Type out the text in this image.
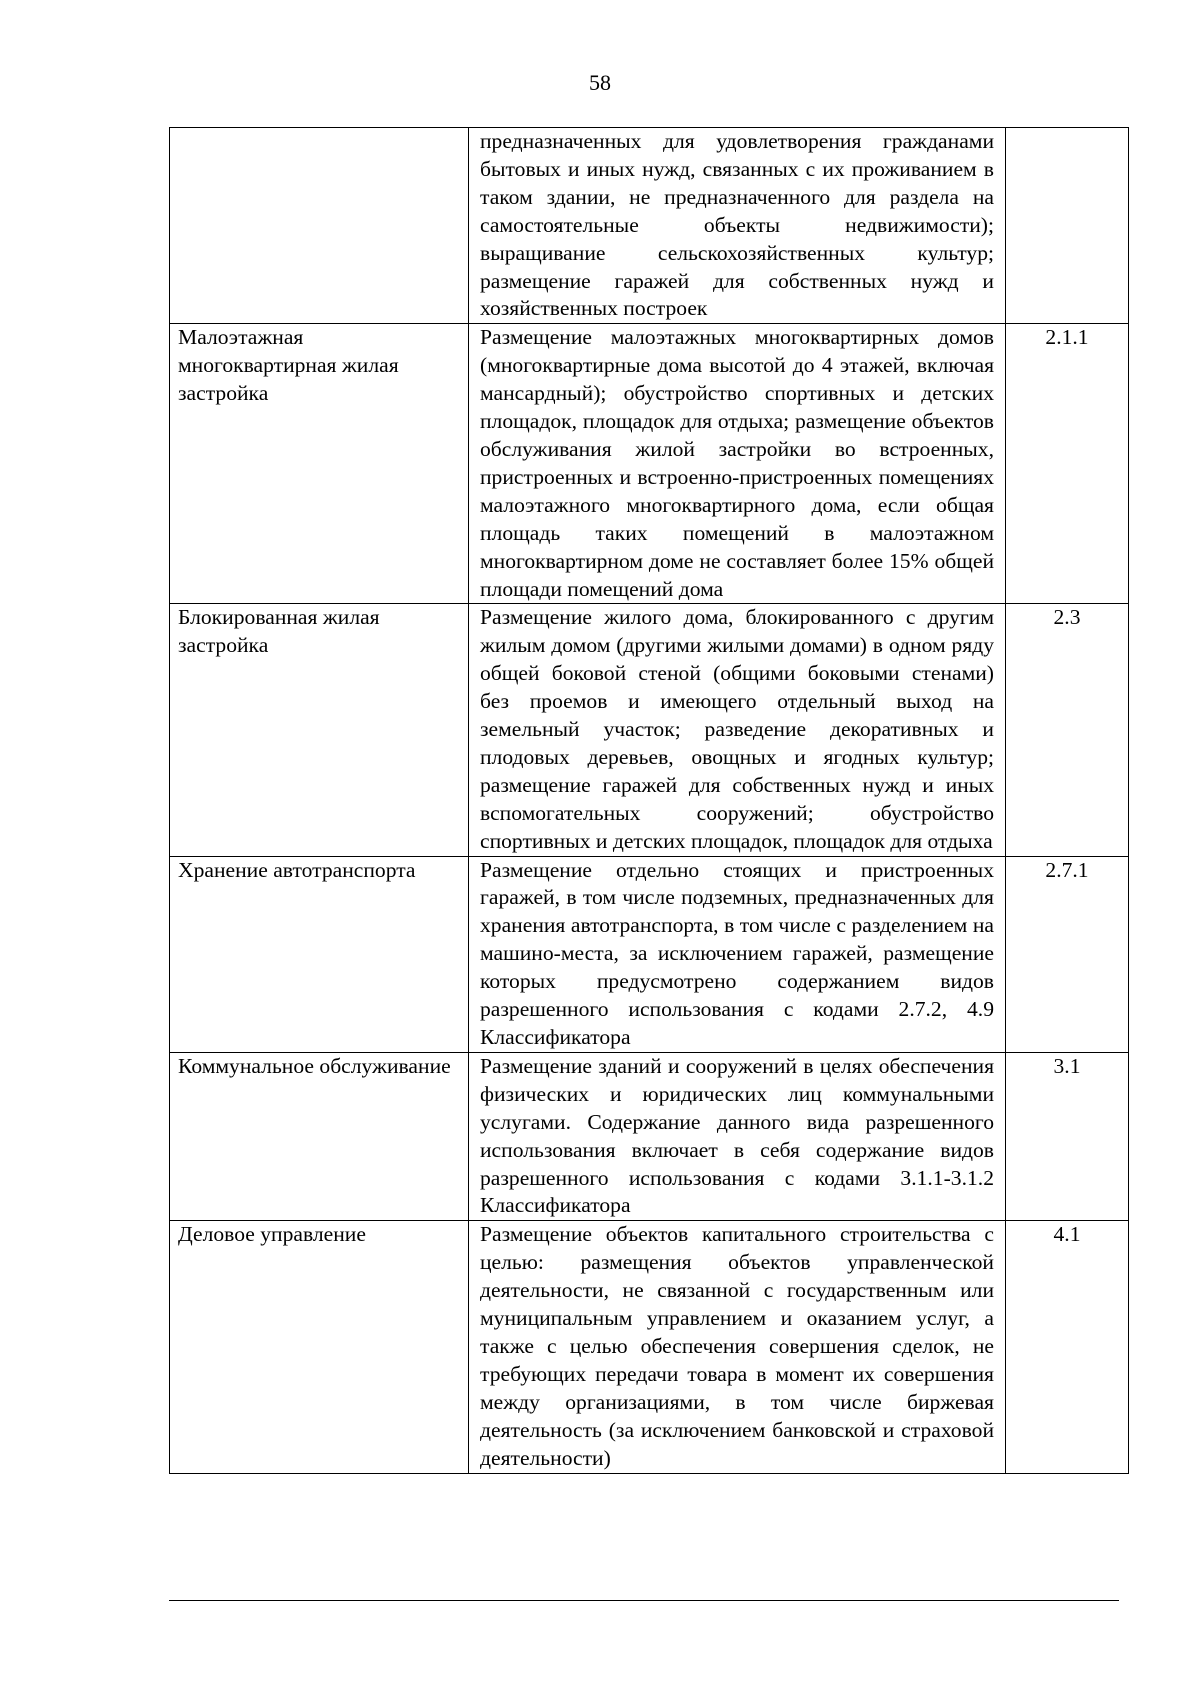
58
	предназначенных для удовлетворения гражданами бытовых и иных нужд, связанных с их проживанием в таком здании, не предназначенного для раздела на самостоятельные объекты недвижимости); выращивание сельскохозяйственных культур; размещение гаражей для собственных нужд и хозяйственных построек	
Малоэтажная многоквартирная жилая застройка	Размещение малоэтажных многоквартирных домов (многоквартирные дома высотой до 4 этажей, включая мансардный); обустройство спортивных и детских площадок, площадок для отдыха; размещение объектов обслуживания жилой застройки во встроенных, пристроенных и встроенно-пристроенных помещениях малоэтажного многоквартирного дома, если общая площадь таких помещений в малоэтажном многоквартирном доме не составляет более 15% общей площади помещений дома	2.1.1
Блокированная жилая застройка	Размещение жилого дома, блокированного с другим жилым домом (другими жилыми домами) в одном ряду общей боковой стеной (общими боковыми стенами) без проемов и имеющего отдельный выход на земельный участок; разведение декоративных и плодовых деревьев, овощных и ягодных культур; размещение гаражей для собственных нужд и иных вспомогательных сооружений; обустройство спортивных и детских площадок, площадок для отдыха	2.3
Хранение автотранспорта	Размещение отдельно стоящих и пристроенных гаражей, в том числе подземных, предназначенных для хранения автотранспорта, в том числе с разделением на машино-места, за исключением гаражей, размещение которых предусмотрено содержанием видов разрешенного использования с кодами 2.7.2, 4.9 Классификатора	2.7.1
Коммунальное обслуживание	Размещение зданий и сооружений в целях обеспечения физических и юридических лиц коммунальными услугами. Содержание данного вида разрешенного использования включает в себя содержание видов разрешенного использования с кодами 3.1.1-3.1.2 Классификатора	3.1
Деловое управление	Размещение объектов капитального строительства с целью: размещения объектов управленческой деятельности, не связанной с государственным или муниципальным управлением и оказанием услуг, а также с целью обеспечения совершения сделок, не требующих передачи товара в момент их совершения между организациями, в том числе биржевая деятельность (за исключением банковской и страховой деятельности)	4.1
